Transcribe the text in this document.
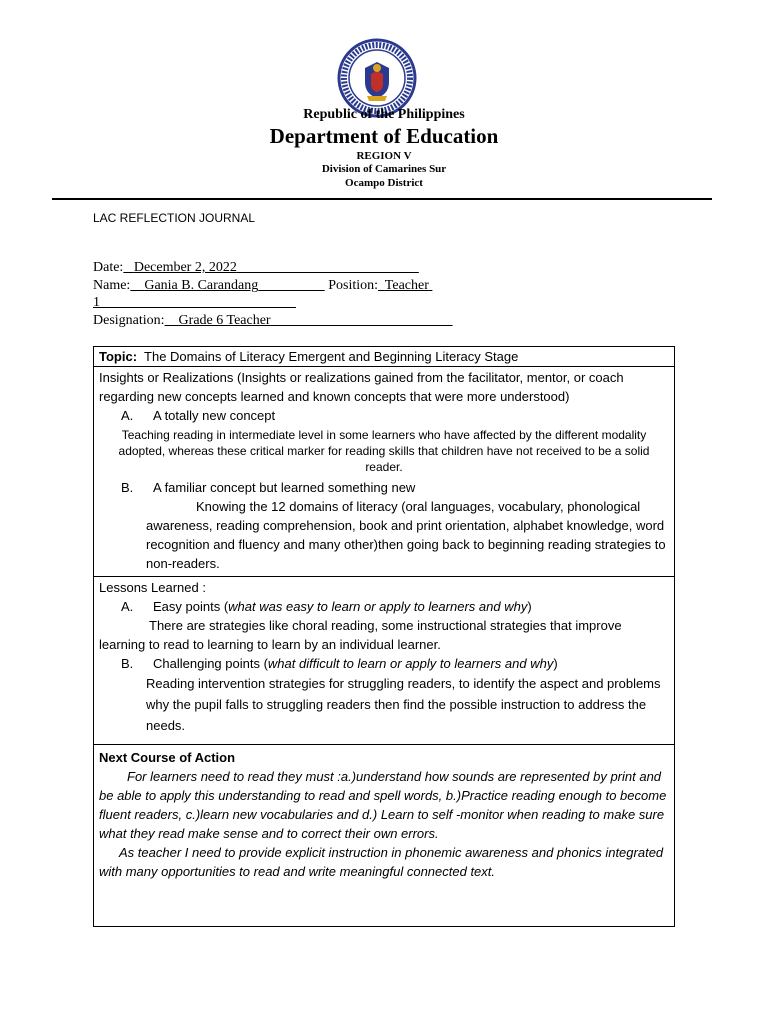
Republic of the Philippines
Department of Education
REGION V
Division of Camarines Sur
Ocampo District
LAC REFLECTION JOURNAL
Date: December 2, 2022
Name: Gania B. Carandang	Position: Teacher
1
Designation: Grade 6 Teacher
Topic: The Domains of Literacy Emergent and Beginning Literacy Stage

Insights or Realizations (Insights or realizations gained from the facilitator, mentor, or coach regarding new concepts learned and known concepts that were more understood)
A. A totally new concept
Teaching reading in intermediate level in some learners who have affected by the different modality adopted, whereas these critical marker for reading skills that children have not received to be a solid reader.
B. A familiar concept but learned something new
Knowing the 12 domains of literacy (oral languages, vocabulary, phonological awareness, reading comprehension, book and print orientation, alphabet knowledge, word recognition and fluency and many other)then going back to beginning reading strategies to non-readers.

Lessons Learned :
A. Easy points (what was easy to learn or apply to learners and why)
There are strategies like choral reading, some instructional strategies that improve learning to read to learning to learn by an individual learner.
B. Challenging points (what difficult to learn or apply to learners and why)
Reading intervention strategies for struggling readers, to identify the aspect and problems why the pupil falls to struggling readers then find the possible instruction to address the needs.

Next Course of Action

For learners need to read they must :a.)understand how sounds are represented by print and be able to apply this understanding to read and spell words, b.)Practice reading enough to become fluent readers, c.)learn new vocabularies and d.) Learn to self -monitor when reading to make sure what they read make sense and to correct their own errors.

As teacher I need to provide explicit instruction in phonemic awareness and phonics integrated with many opportunities to read and write meaningful connected text.
